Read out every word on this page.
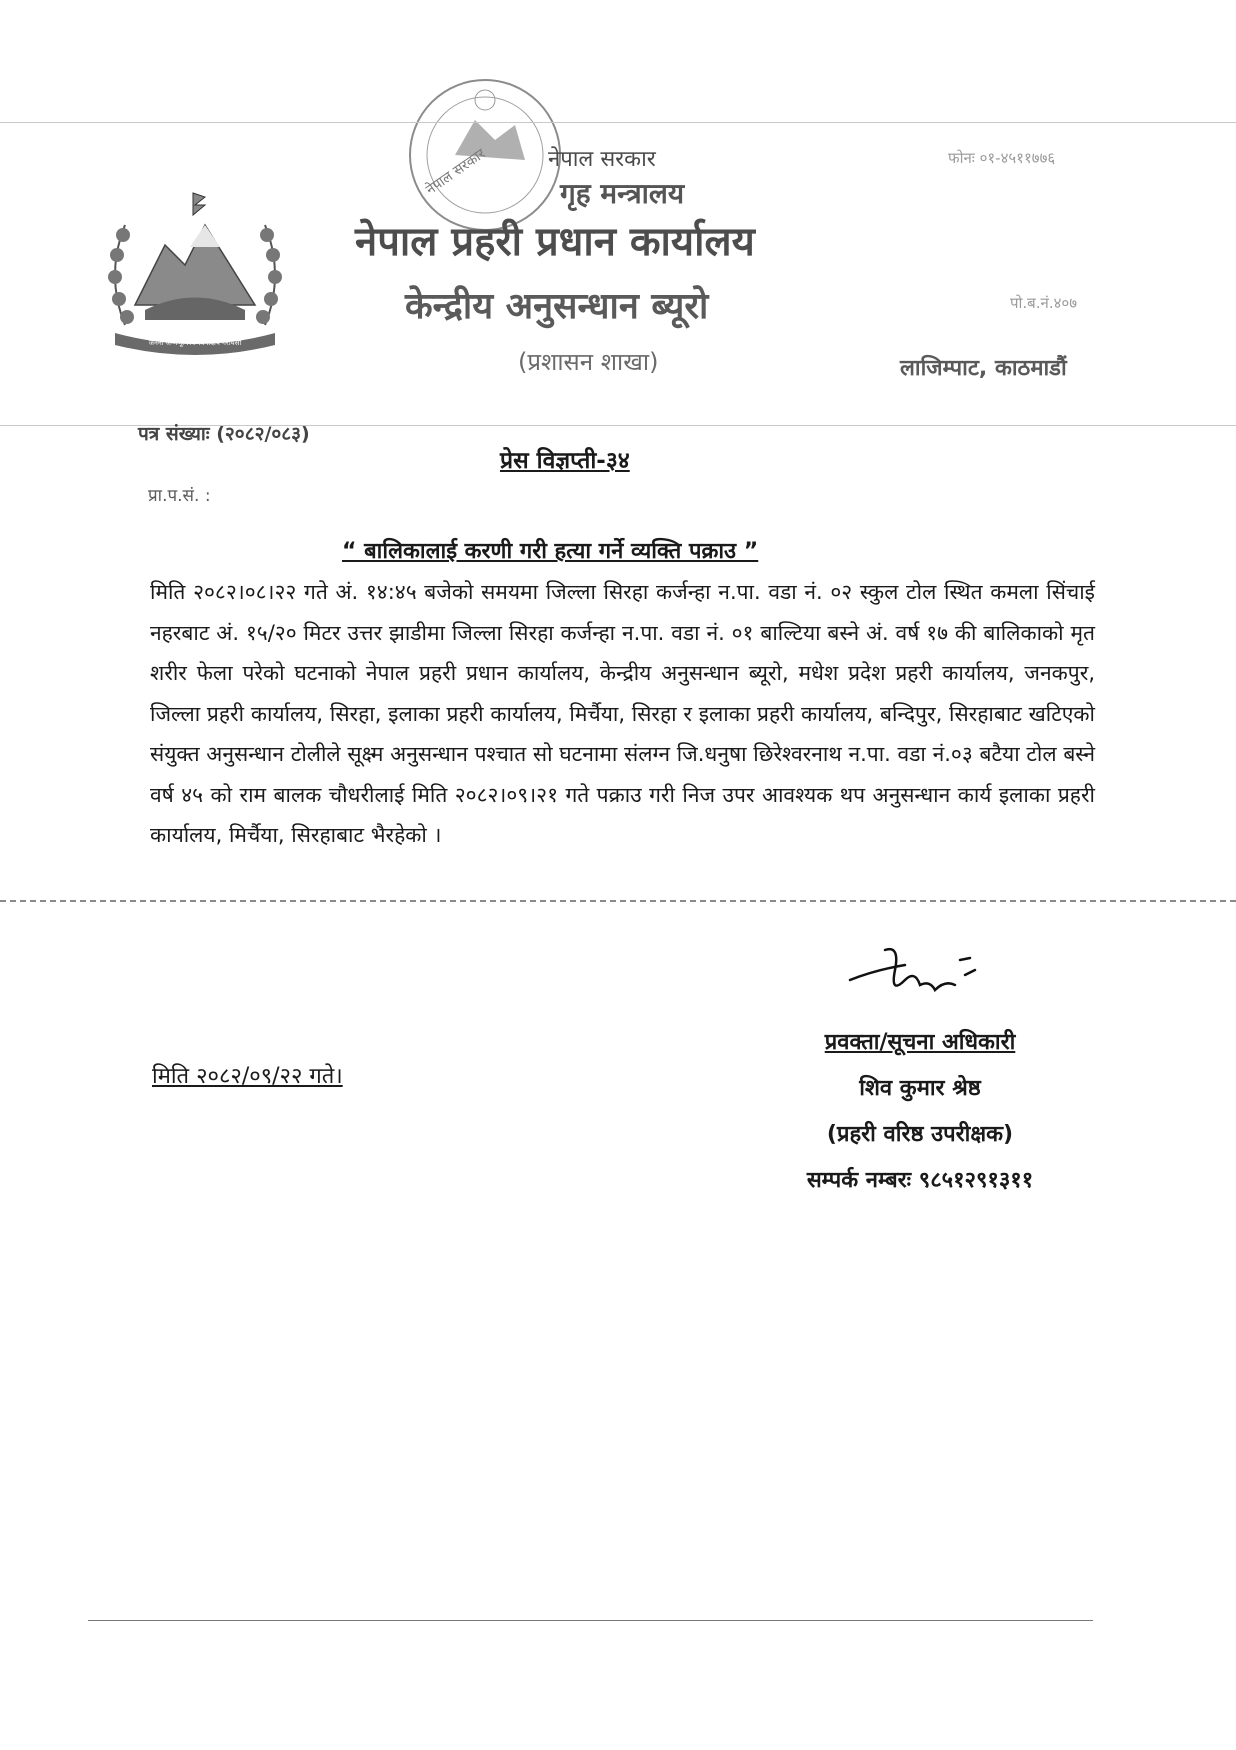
जननी जन्मभूमिश्च स्वर्गादपि गरीयसी
नेपाल सरकार	नेपाल सरकार
गृह मन्त्रालय
नेपाल प्रहरी प्रधान कार्यालय
केन्द्रीय अनुसन्धान ब्यूरो
(प्रशासन शाखा)
फोनः ०१-४५११७७६
पो.ब.नं.४०७
लाजिम्पाट, काठमाडौं
पत्र संख्याः (२०८२/०८३)
प्रा.प.सं. :
प्रेस विज्ञप्ती-३४
“ बालिकालाई करणी गरी हत्या गर्ने व्यक्ति पक्राउ ”
मिति २०८२।०८।२२ गते अं. १४:४५ बजेको समयमा जिल्ला सिरहा कर्जन्हा न.पा. वडा नं. ०२ स्कुल टोल स्थित कमला सिंचाई नहरबाट अं. १५/२० मिटर उत्तर झाडीमा जिल्ला सिरहा कर्जन्हा न.पा. वडा नं. ०१ बाल्टिया बस्ने अं. वर्ष १७ की बालिकाको मृत शरीर फेला परेको घटनाको नेपाल प्रहरी प्रधान कार्यालय, केन्द्रीय अनुसन्धान ब्यूरो, मधेश प्रदेश प्रहरी कार्यालय, जनकपुर, जिल्ला प्रहरी कार्यालय, सिरहा, इलाका प्रहरी कार्यालय, मिर्चैया, सिरहा र इलाका प्रहरी कार्यालय, बन्दिपुर, सिरहाबाट खटिएको संयुक्त अनुसन्धान टोलीले सूक्ष्म अनुसन्धान पश्चात सो घटनामा संलग्न जि.धनुषा छिरेश्वरनाथ न.पा. वडा नं.०३ बटैया टोल बस्ने वर्ष ४५ को राम बालक चौधरीलाई मिति २०८२।०९।२१ गते पक्राउ गरी निज उपर आवश्यक थप अनुसन्धान कार्य इलाका प्रहरी कार्यालय, मिर्चैया, सिरहाबाट भैरहेको ।
मिति २०८२/०९/२२ गते।
प्रवक्ता/सूचना अधिकारी
शिव कुमार श्रेष्ठ
(प्रहरी वरिष्ठ उपरीक्षक)
सम्पर्क नम्बरः ९८५१२९१३११
